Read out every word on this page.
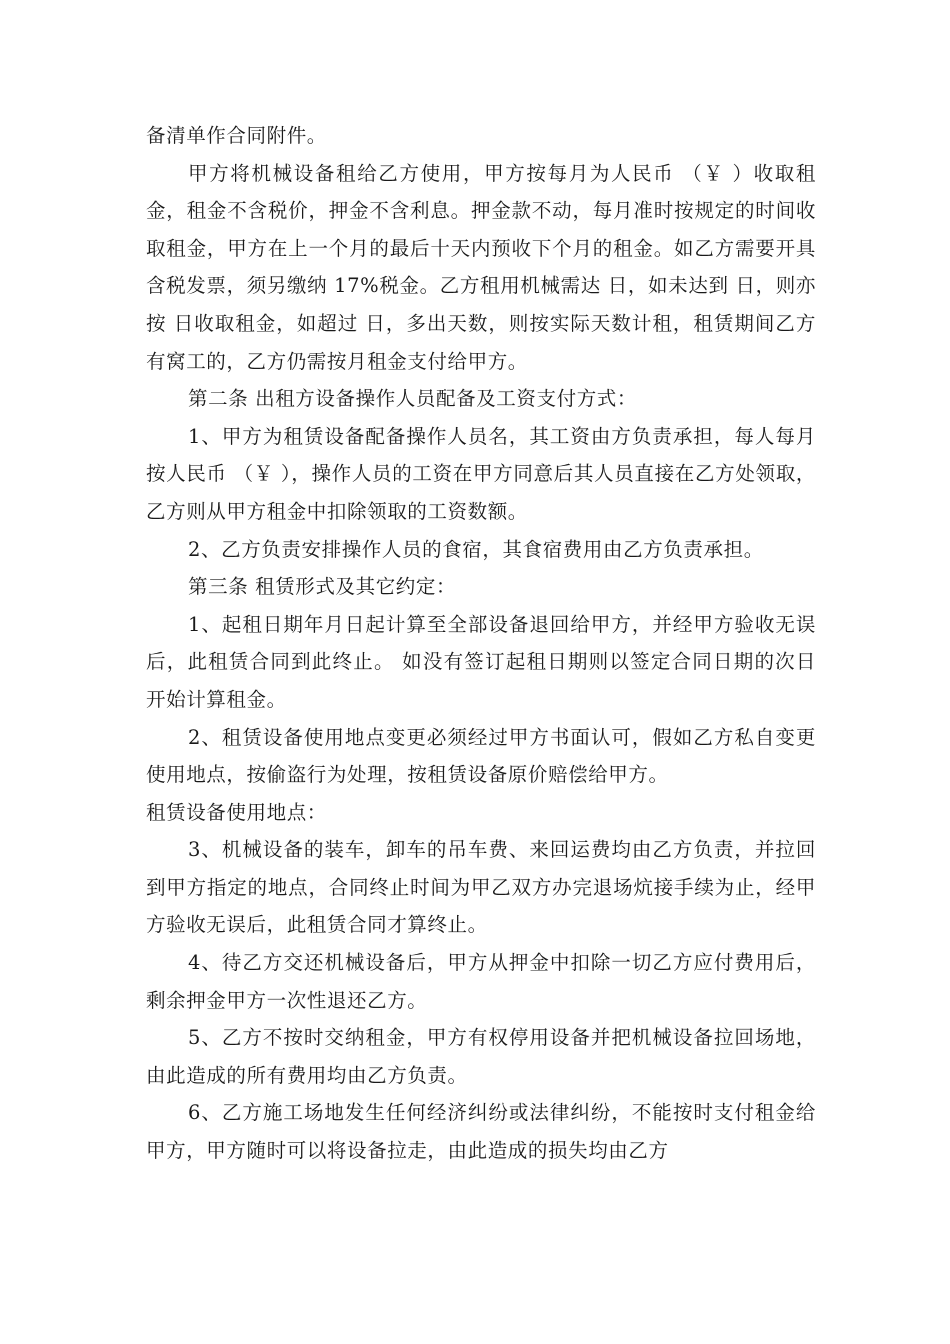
备清单作合同附件。

甲方将机械设备租给乙方使用，甲方按每月为人民币 （￥ ）收取租金，租金不含税价，押金不含利息。押金款不动，每月准时按规定的时间收取租金，甲方在上一个月的最后十天内预收下个月的租金。如乙方需要开具含税发票，须另缴纳 17%税金。乙方租用机械需达 日，如未达到 日，则亦按 日收取租金，如超过 日，多出天数，则按实际天数计租，租赁期间乙方有窝工的，乙方仍需按月租金支付给甲方。

第二条 出租方设备操作人员配备及工资支付方式：

1、甲方为租赁设备配备操作人员名，其工资由方负责承担，每人每月按人民币 （￥ ），操作人员的工资在甲方同意后其人员直接在乙方处领取，乙方则从甲方租金中扣除领取的工资数额。

2、乙方负责安排操作人员的食宿，其食宿费用由乙方负责承担。

第三条 租赁形式及其它约定：

1、起租日期年月日起计算至全部设备退回给甲方，并经甲方验收无误后，此租赁合同到此终止。 如没有签订起租日期则以签定合同日期的次日开始计算租金。

2、租赁设备使用地点变更必须经过甲方书面认可，假如乙方私自变更使用地点，按偷盗行为处理，按租赁设备原价赔偿给甲方。

租赁设备使用地点：

3、机械设备的装车，卸车的吊车费、来回运费均由乙方负责，并拉回到甲方指定的地点，合同终止时间为甲乙双方办完退场炕接手续为止，经甲方验收无误后，此租赁合同才算终止。

4、待乙方交还机械设备后，甲方从押金中扣除一切乙方应付费用后，剩余押金甲方一次性退还乙方。

5、乙方不按时交纳租金，甲方有权停用设备并把机械设备拉回场地，由此造成的所有费用均由乙方负责。

6、乙方施工场地发生任何经济纠纷或法律纠纷，不能按时支付租金给甲方，甲方随时可以将设备拉走，由此造成的损失均由乙方
